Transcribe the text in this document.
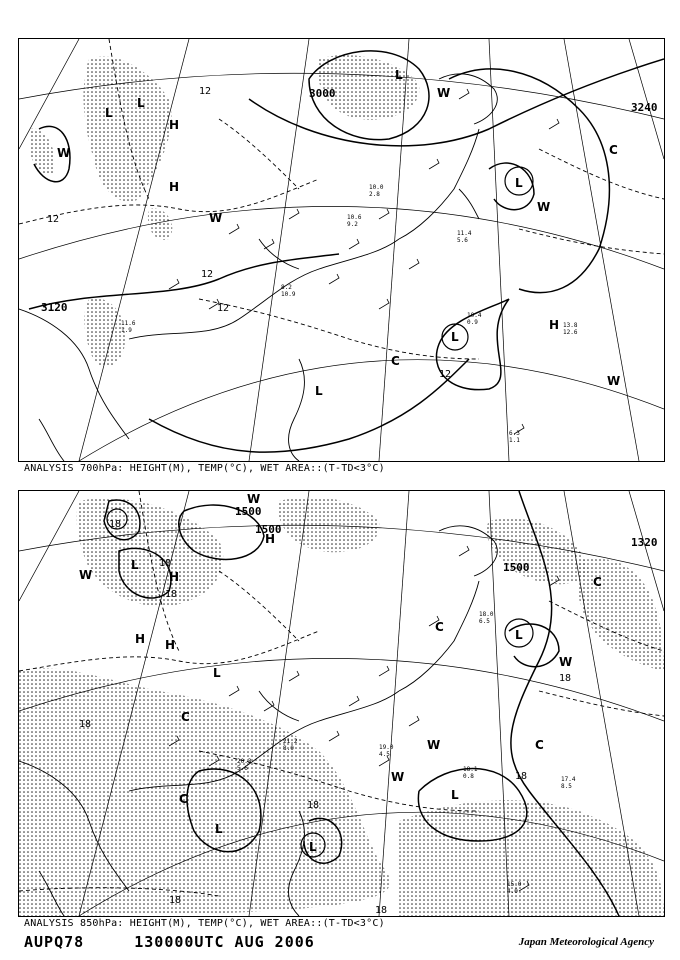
3000
3120
3240
12
12
12
12
12
W
L
L
H
H
W
L
W
C
C
L
H
W
L
L
W
10.4
0.9	13.8
12.6
11.6
1.9
10.6
9.2
10.0
2.8
8.2
10.9
11.4
5.6
6.3
1.1
ANALYSIS 700hPa: HEIGHT(M), TEMP(°C), WET AREA::(T-TD<3°C)
1500
1500
1500
1320
18
18
18
18
18
18
18
18
18
W
L
H
H H
W
L
H
C
C
L
W	C
L
W
W
L
L
C
C
18.1
0.8	17.4
8.5
19.0
4.5
21.2
8.0
20.3
5.6
18.0
6.5
15.0
4.0
ANALYSIS 850hPa: HEIGHT(M), TEMP(°C), WET AREA::(T-TD<3°C)
AUPQ78	130000UTC AUG 2006	Japan Meteorological Agency
